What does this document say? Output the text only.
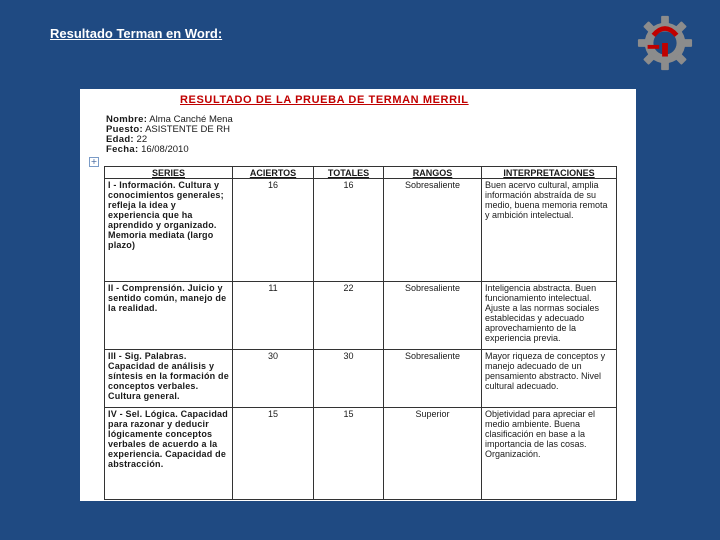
Resultado Terman en Word:
RESULTADO DE LA PRUEBA DE TERMAN MERRIL
Nombre: Alma Canché Mena
Puesto: ASISTENTE DE RH
Edad: 22
Fecha: 16/08/2010
+
SERIES	ACIERTOS	TOTALES	RANGOS	INTERPRETACIONES
I - Información. Cultura y conocimientos generales; refleja la idea y experiencia que ha aprendido y organizado. Memoria mediata (largo plazo)	16	16	Sobresaliente	Buen acervo cultural, amplia información abstraída de su medio, buena memoria remota y ambición intelectual.
II - Comprensión. Juicio y sentido común, manejo de la realidad.	11	22	Sobresaliente	Inteligencia abstracta. Buen funcionamiento intelectual. Ajuste a las normas sociales establecidas y adecuado aprovechamiento de la experiencia previa.
III - Sig. Palabras. Capacidad de análisis y síntesis en la formación de conceptos verbales. Cultura general.	30	30	Sobresaliente	Mayor riqueza de conceptos y manejo adecuado de un pensamiento abstracto. Nivel cultural adecuado.
IV - Sel. Lógica. Capacidad para razonar y deducir lógicamente conceptos verbales de acuerdo a la experiencia. Capacidad de abstracción.	15	15	Superior	Objetividad para apreciar el medio ambiente. Buena clasificación en base a la importancia de las cosas. Organización.
